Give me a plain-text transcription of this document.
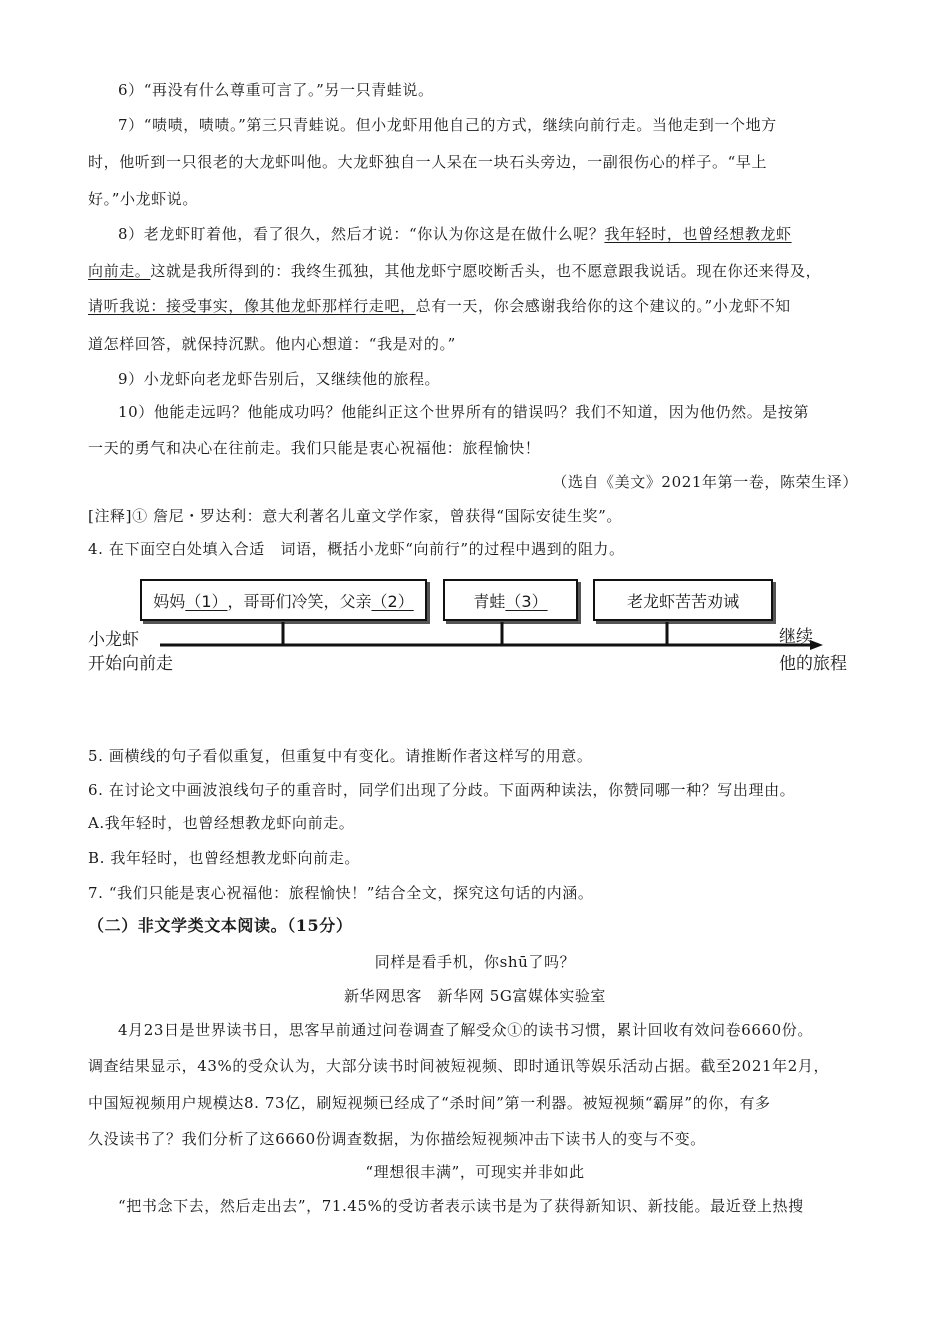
6）“再没有什么尊重可言了。”另一只青蛙说。
7）“啧啧，啧啧。”第三只青蛙说。但小龙虾用他自己的方式，继续向前行走。当他走到一个地方
时，他听到一只很老的大龙虾叫他。大龙虾独自一人呆在一块石头旁边，一副很伤心的样子。“早上
好。”小龙虾说。
8）老龙虾盯着他，看了很久，然后才说：“你认为你这是在做什么呢？我年轻时，也曾经想教龙虾
向前走。这就是我所得到的：我终生孤独，其他龙虾宁愿咬断舌头，也不愿意跟我说话。现在你还来得及，
请听我说：接受事实，像其他龙虾那样行走吧，总有一天，你会感谢我给你的这个建议的。”小龙虾不知
道怎样回答，就保持沉默。他内心想道：“我是对的。”
9）小龙虾向老龙虾告别后，又继续他的旅程。
10）他能走远吗？他能成功吗？他能纠正这个世界所有的错误吗？我们不知道，因为他仍然。是按第
一天的勇气和决心在往前走。我们只能是衷心祝福他：旅程愉快！
（选自《美文》2021年第一卷，陈荣生译）
[注释]① 詹尼・罗达利：意大利著名儿童文学作家，曾获得“国际安徒生奖”。
4. 在下面空白处填入合适　词语，概括小龙虾“向前行”的过程中遇到的阻力。
妈妈 （1） ，哥哥们冷笑，父亲 （2）	青蛙 （3）	老龙虾苦苦劝诫
小龙虾
开始向前走
继续
他的旅程
5. 画横线的句子看似重复，但重复中有变化。请推断作者这样写的用意。
6. 在讨论文中画波浪线句子的重音时，同学们出现了分歧。下面两种读法，你赞同哪一种？写出理由。
A.我年轻时，也曾经想教龙虾向前走。
B. 我年轻时，也曾经想教龙虾向前走。
7. “我们只能是衷心祝福他：旅程愉快！”结合全文，探究这句话的内涵。
（二）非文学类文本阅读。（15分）
同样是看手机，你shū了吗？
新华网思客　新华网 5G富媒体实验室
4月23日是世界读书日，思客早前通过问卷调查了解受众①的读书习惯，累计回收有效问卷6660份。
调查结果显示，43%的受众认为，大部分读书时间被短视频、即时通讯等娱乐活动占据。截至2021年2月，
中国短视频用户规模达8. 73亿，刷短视频已经成了“杀时间”第一利器。被短视频“霸屏”的你，有多
久没读书了？我们分析了这6660份调查数据，为你描绘短视频冲击下读书人的变与不变。
“理想很丰满”，可现实并非如此
“把书念下去，然后走出去”，71.45%的受访者表示读书是为了获得新知识、新技能。最近登上热搜
